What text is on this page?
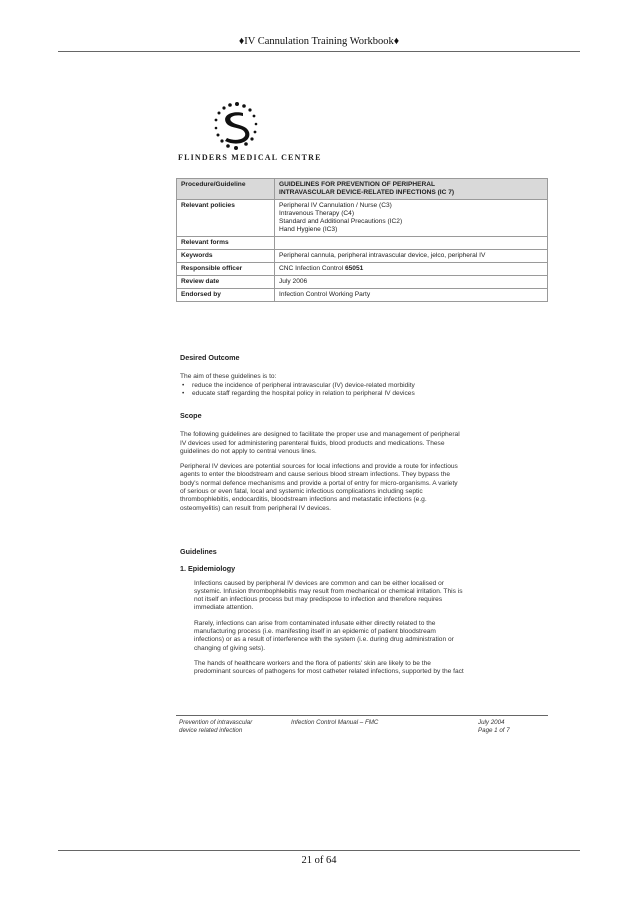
♦IV Cannulation Training Workbook♦
FLINDERS MEDICAL CENTRE
Procedure/Guideline	GUIDELINES FOR PREVENTION OF PERIPHERAL
INTRAVASCULAR DEVICE-RELATED INFECTIONS (IC 7)

Relevant policies	Peripheral IV Cannulation / Nurse (C3)
Intravenous Therapy (C4)
Standard and Additional Precautions (IC2)
Hand Hygiene (IC3)

Relevant forms	
Keywords	Peripheral cannula, peripheral intravascular device, jelco, peripheral IV
Responsible officer	CNC Infection Control 65051
Review date	July 2006
Endorsed by	Infection Control Working Party
Desired Outcome
The aim of these guidelines is to:
• reduce the incidence of peripheral intravascular (IV) device-related morbidity
• educate staff regarding the hospital policy in relation to peripheral IV devices
Scope
The following guidelines are designed to facilitate the proper use and management of peripheral
IV devices used for administering parenteral fluids, blood products and medications. These
guidelines do not apply to central venous lines.
Peripheral IV devices are potential sources for local infections and provide a route for infectious
agents to enter the bloodstream and cause serious blood stream infections. They bypass the
body's normal defence mechanisms and provide a portal of entry for micro-organisms. A variety
of serious or even fatal, local and systemic infectious complications including septic
thrombophlebitis, endocarditis, bloodstream infections and metastatic infections (e.g.
osteomyelitis) can result from peripheral IV devices.
Guidelines
1. Epidemiology
Infections caused by peripheral IV devices are common and can be either localised or
systemic. Infusion thrombophlebitis may result from mechanical or chemical irritation. This is
not itself an infectious process but may predispose to infection and therefore requires
immediate attention.
Rarely, infections can arise from contaminated infusate either directly related to the
manufacturing process (i.e. manifesting itself in an epidemic of patient bloodstream
infections) or as a result of interference with the system (i.e. during drug administration or
changing of giving sets).
The hands of healthcare workers and the flora of patients' skin are likely to be the
predominant sources of pathogens for most catheter related infections, supported by the fact
Prevention of intravascular
device related infection
Infection Control Manual – FMC	July 2004
Page 1 of 7
21 of 64
